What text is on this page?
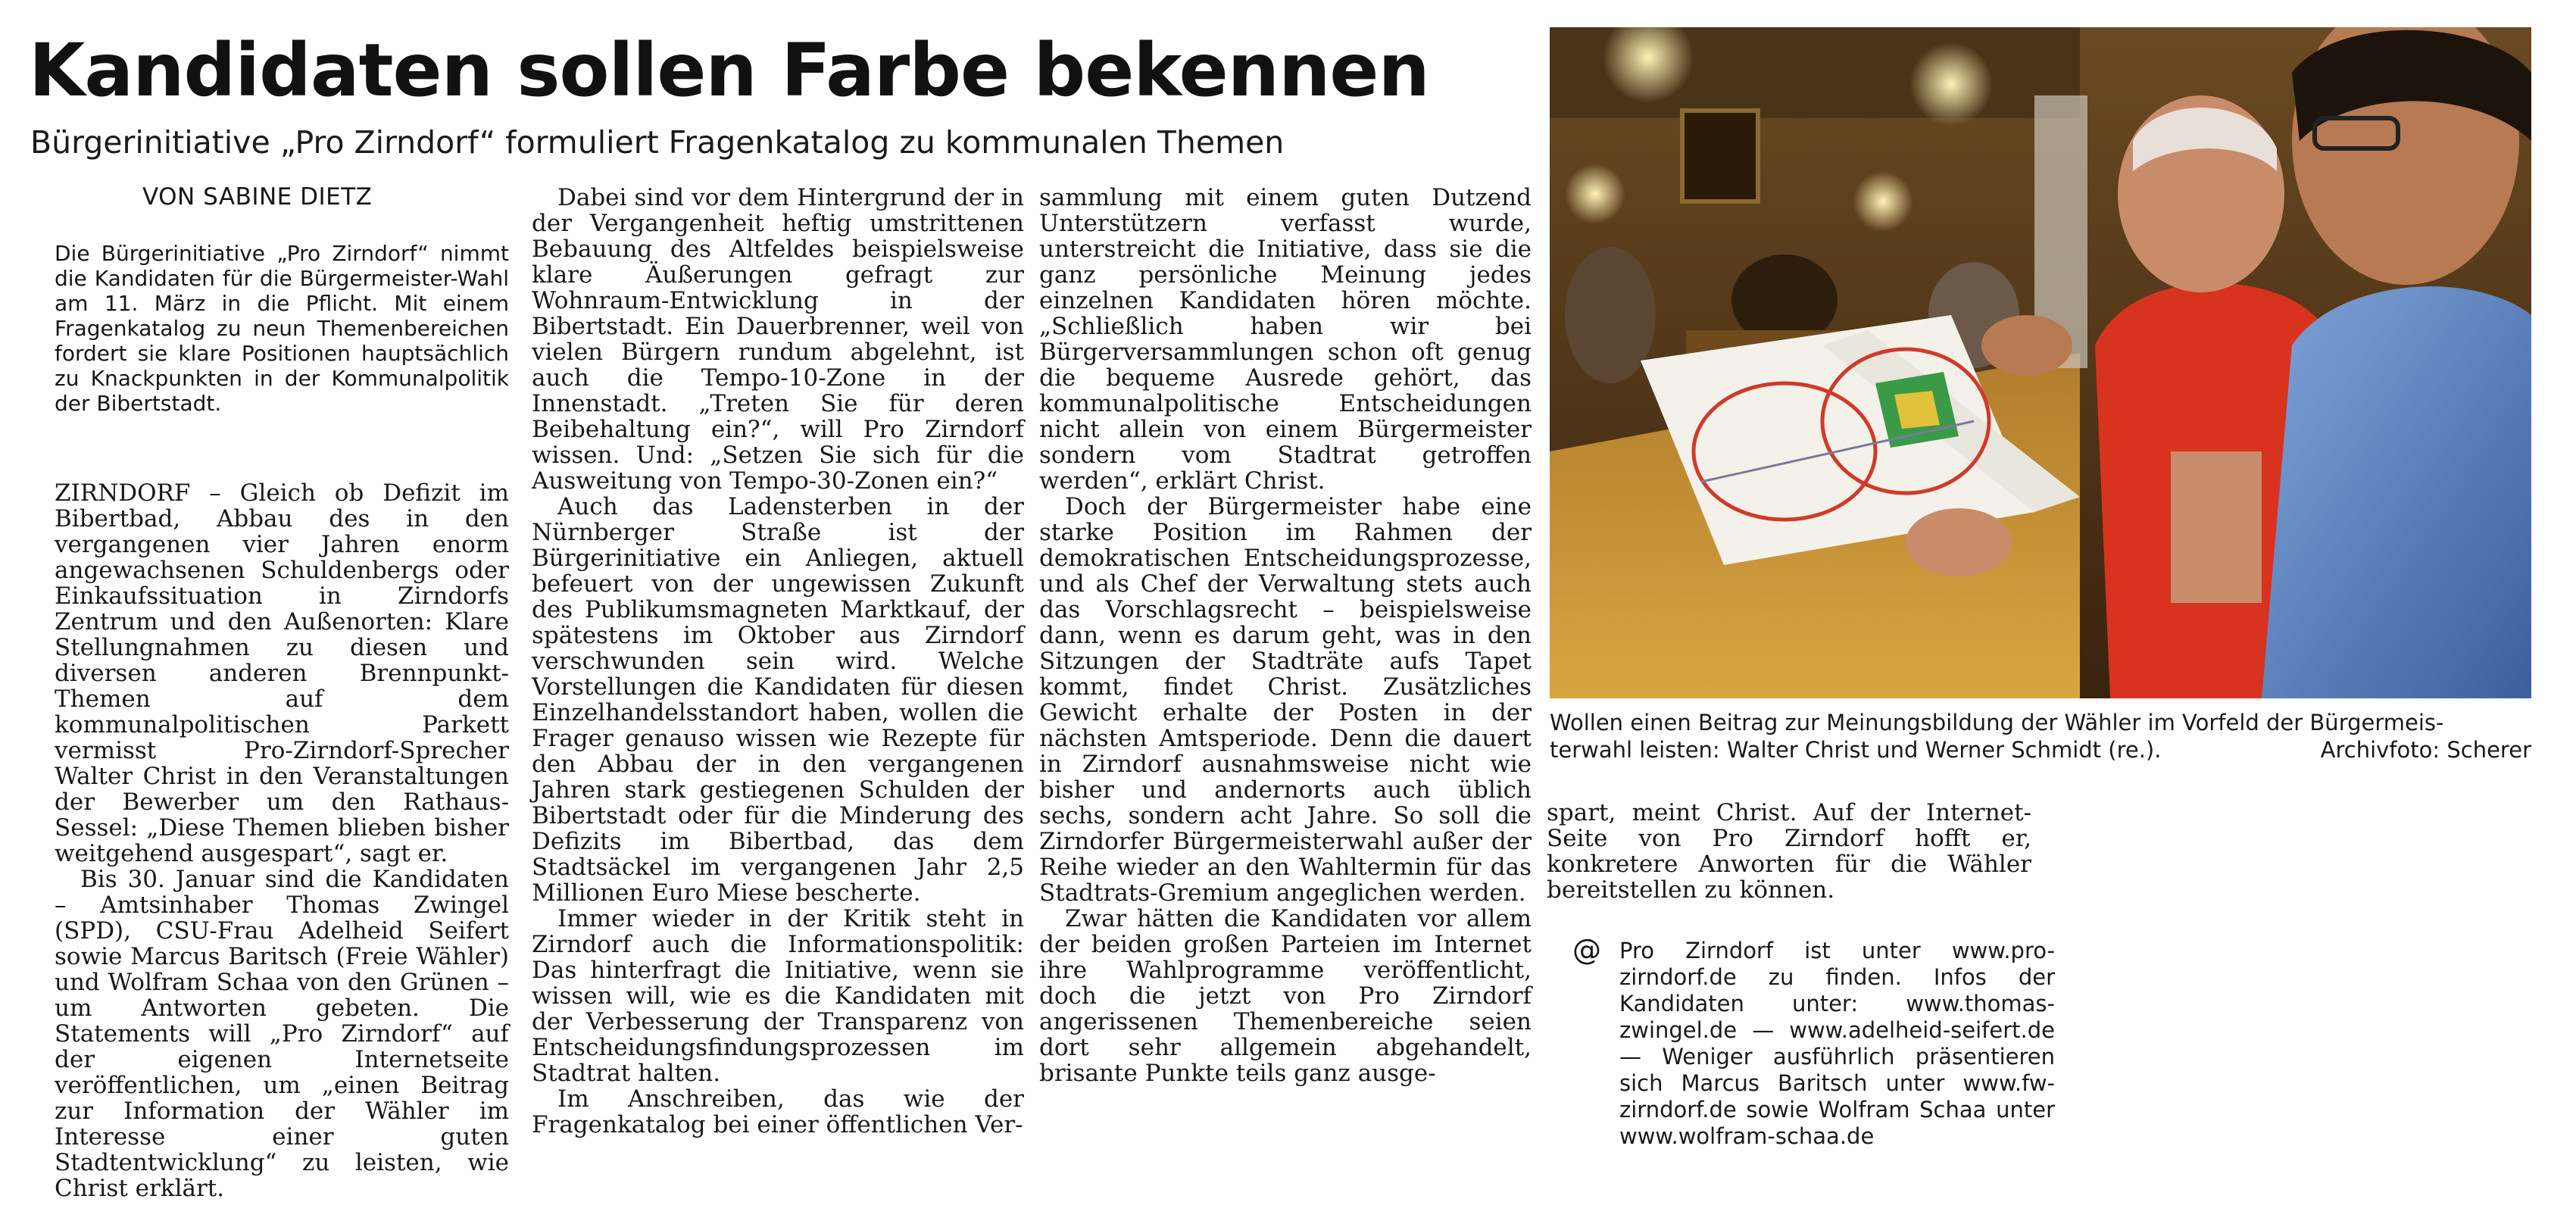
Kandidaten sollen Farbe bekennen
Bürgerinitiative „Pro Zirndorf“ formuliert Fragenkatalog zu kommunalen Themen
VON SABINE DIETZ
Die Bürgerinitiative „Pro Zirndorf“ nimmt die Kandidaten für die Bürgermeister-Wahl am 11. März in die Pflicht. Mit einem Fragenkatalog zu neun Themenbereichen fordert sie klare Positionen hauptsächlich zu Knackpunkten in der Kommunalpolitik der Bibertstadt.

ZIRNDORF – Gleich ob Defizit im Bibertbad, Abbau des in den vergangenen vier Jahren enorm angewachsenen Schuldenbergs oder Einkaufssituation in Zirndorfs Zentrum und den Außenorten: Klare Stellungnahmen zu diesen und diversen anderen Brennpunkt-Themen auf dem kommunalpolitischen Parkett vermisst Pro-Zirndorf-Sprecher Walter Christ in den Veranstaltungen der Bewerber um den Rathaus-Sessel: „Diese Themen blieben bisher weitgehend ausgespart“, sagt er.

Bis 30. Januar sind die Kandidaten – Amtsinhaber Thomas Zwingel (SPD), CSU-Frau Adelheid Seifert sowie Marcus Baritsch (Freie Wähler) und Wolfram Schaa von den Grünen – um Antworten gebeten. Die Statements will „Pro Zirndorf“ auf der eigenen Internetseite veröffentlichen, um „einen Beitrag zur Information der Wähler im Interesse einer guten Stadtentwicklung“ zu leisten, wie Christ erklärt.

Dabei sind vor dem Hintergrund der in der Vergangenheit heftig umstrittenen Bebauung des Altfeldes beispielsweise klare Äußerungen gefragt zur Wohnraum-Entwicklung in der Bibertstadt. Ein Dauerbrenner, weil von vielen Bürgern rundum abgelehnt, ist auch die Tempo-10-Zone in der Innenstadt. „Treten Sie für deren Beibehaltung ein?“, will Pro Zirndorf wissen. Und: „Setzen Sie sich für die Ausweitung von Tempo-30-Zonen ein?“

Auch das Ladensterben in der Nürnberger Straße ist der Bürgerinitiative ein Anliegen, aktuell befeuert von der ungewissen Zukunft des Publikumsmagneten Marktkauf, der spätestens im Oktober aus Zirndorf verschwunden sein wird. Welche Vorstellungen die Kandidaten für diesen Einzelhandelsstandort haben, wollen die Frager genauso wissen wie Rezepte für den Abbau der in den vergangenen Jahren stark gestiegenen Schulden der Bibertstadt oder für die Minderung des Defizits im Bibertbad, das dem Stadtsäckel im vergangenen Jahr 2,5 Millionen Euro Miese bescherte.

Immer wieder in der Kritik steht in Zirndorf auch die Informationspolitik: Das hinterfragt die Initiative, wenn sie wissen will, wie es die Kandidaten mit der Verbesserung der Transparenz von Entscheidungsfindungsprozessen im Stadtrat halten.

Im Anschreiben, das wie der Fragenkatalog bei einer öffentlichen Ver-

sammlung mit einem guten Dutzend Unterstützern verfasst wurde, unterstreicht die Initiative, dass sie die ganz persönliche Meinung jedes einzelnen Kandidaten hören möchte. „Schließlich haben wir bei Bürgerversammlungen schon oft genug die bequeme Ausrede gehört, das kommunalpolitische Entscheidungen nicht allein von einem Bürgermeister sondern vom Stadtrat getroffen werden“, erklärt Christ.

Doch der Bürgermeister habe eine starke Position im Rahmen der demokratischen Entscheidungsprozesse, und als Chef der Verwaltung stets auch das Vorschlagsrecht – beispielsweise dann, wenn es darum geht, was in den Sitzungen der Stadträte aufs Tapet kommt, findet Christ. Zusätzliches Gewicht erhalte der Posten in der nächsten Amtsperiode. Denn die dauert in Zirndorf ausnahmsweise nicht wie bisher und andernorts auch üblich sechs, sondern acht Jahre. So soll die Zirndorfer Bürgermeisterwahl außer der Reihe wieder an den Wahltermin für das Stadtrats-Gremium angeglichen werden.

Zwar hätten die Kandidaten vor allem der beiden großen Parteien im Internet ihre Wahlprogramme veröffentlicht, doch die jetzt von Pro Zirndorf angerissenen Themenbereiche seien dort sehr allgemein abgehandelt, brisante Punkte teils ganz ausge-

Wollen einen Beitrag zur Meinungsbildung der Wähler im Vorfeld der Bürgermeis-
terwahl leisten: Walter Christ und Werner Schmidt (re.).	Archivfoto: Scherer

spart, meint Christ. Auf der Internet-Seite von Pro Zirndorf hofft er, konkretere Anworten für die Wähler bereitstellen zu können.

@ Pro Zirndorf ist unter www.pro-zirndorf.de zu finden. Infos der Kandidaten unter: www.thomas-zwingel.de — www.adelheid-seifert.de — Weniger ausführlich präsentieren sich Marcus Baritsch unter www.fw-zirndorf.de sowie Wolfram Schaa unter www.wolfram-schaa.de
